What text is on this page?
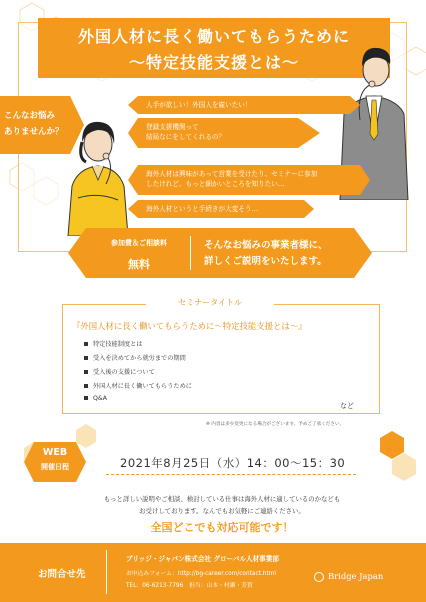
外国人材に長く働いてもらうために
～特定技能支援とは～
こんなお悩み
ありませんか？
人手が欲しい！外国人を雇いたい！
登録支援機関って
結局なにをしてくれるの？
海外人材は興味があって営業を受けたり、セミナーに参加
したけれど、もっと細かいところを知りたい…
海外人材というと手続きが大変そう…
参加費＆ご相談料
無料
そんなお悩みの事業者様に、
詳しくご説明をいたします。
セミナータイトル
『外国人材に長く働いてもらうために～特定技能支援とは～』
特定技能制度とは
受入を決めてから就労までの期間
受入後の支援について
外国人材に長く働いてもらうために
Q&A
など
※ 内容は多少変更になる場合がございます。予めご了承ください。
WEB
開催日程	2021年8月25日（水）14：00～15：30
もっと詳しい説明やご相談、検討している仕事は海外人材に適しているのかなども
お受けしております。なんでもお気軽にご連絡ください。
全国どこでも対応可能です！
お問合せ先
ブリッジ・ジャパン株式会社 グローバル人材事業部
お申込みフォーム：http://bg-career.com/contact.html
TEL：06-6213-7796　担当：山本・村瀬・芳賀
Bridge Japan
